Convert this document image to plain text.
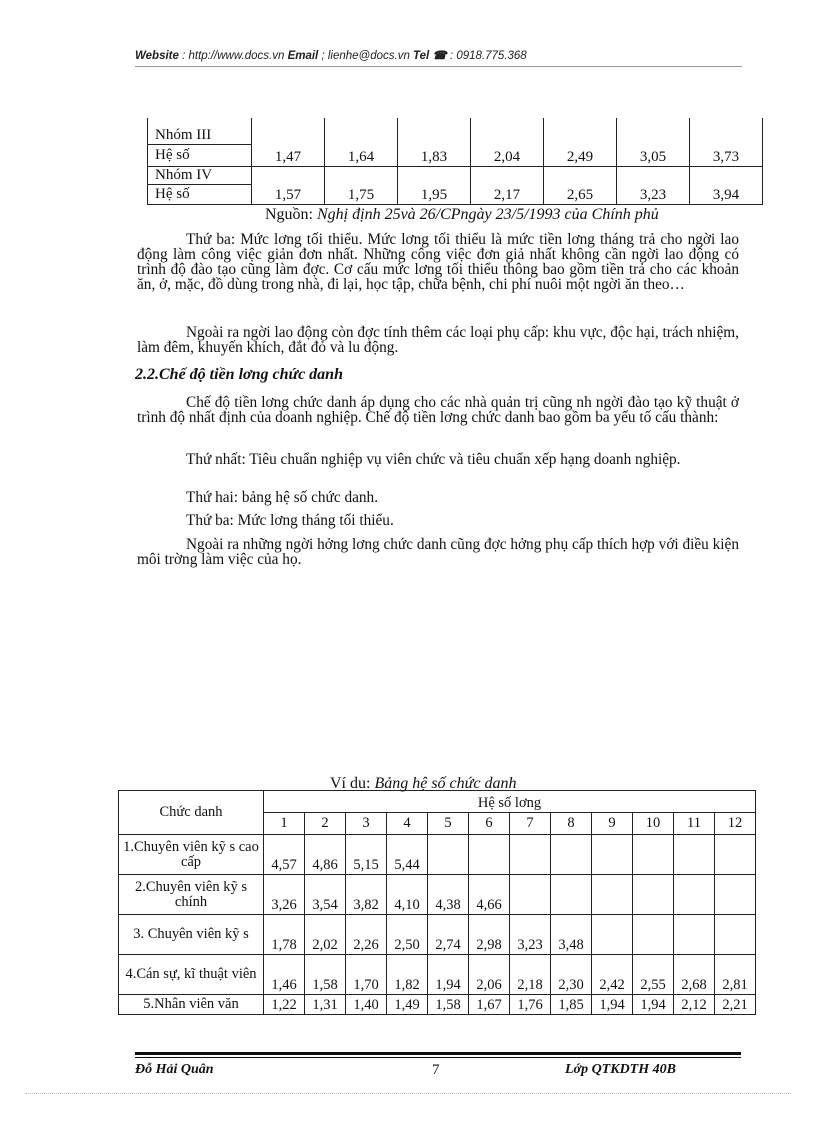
Website : http://www.docs.vn Email ; lienhe@docs.vn Tel ☎ : 0918.775.368
Nhóm III							
Hệ số	1,47	1,64	1,83	2,04	2,49	3,05	3,73
Nhóm IV							
Hệ số	1,57	1,75	1,95	2,17	2,65	3,23	3,94
Nguồn: Nghị định 25và 26/CPngày 23/5/1993 của Chính phủ
Thứ ba: Mức lơng tối thiểu. Mức lơng tối thiểu là mức tiền lơng tháng trả cho ngời lao động làm công việc giản đơn nhất. Những công việc đơn giả nhất không cần ngời lao động có trình độ đào tạo cũng làm đợc. Cơ cấu mức lơng tối thiểu thông bao gồm tiền trả cho các khoản ăn, ở, mặc, đồ dùng trong nhà, đi lại, học tập, chữa bệnh, chi phí nuôi một ngời ăn theo…
Ngoài ra ngời lao động còn đợc tính thêm các loại phụ cấp: khu vực, độc hại, trách nhiệm, làm đêm, khuyến khích, đắt đỏ và lu động.
2.2.Chế độ tiền lơng chức danh
Chế độ tiền lơng chức danh áp dụng cho các nhà quản trị cũng nh ngời đào tạo kỹ thuật ở trình độ nhất định của doanh nghiệp. Chế độ tiền lơng chức danh bao gồm ba yếu tố cấu thành:
Thứ nhất: Tiêu chuẩn nghiệp vụ viên chức và tiêu chuẩn xếp hạng doanh nghiệp.
Thứ hai: bảng hệ số chức danh.
Thứ ba: Mức lơng tháng tối thiểu.
Ngoài ra những ngời hởng lơng chức danh cũng đợc hởng phụ cấp thích hợp với điều kiện môi trờng làm việc của họ.
Ví du: Bảng hệ số chức danh
Chức danh	Hệ số lơng											
	1	2	3	4	5	6	7	8	9	10	11	12
1.Chuyên viên kỹ s cao cấp	4,57	4,86	5,15	5,44								
2.Chuyên viên kỹ s chính	3,26	3,54	3,82	4,10	4,38	4,66						
3. Chuyên viên kỹ s	1,78	2,02	2,26	2,50	2,74	2,98	3,23	3,48				
4.Cán sự, kĩ thuật viên	1,46	1,58	1,70	1,82	1,94	2,06	2,18	2,30	2,42	2,55	2,68	2,81
5.Nhân viên văn	1,22	1,31	1,40	1,49	1,58	1,67	1,76	1,85	1,94	1,94	2,12	2,21
Đỗ Hải Quân	7	Lớp QTKDTH 40B
